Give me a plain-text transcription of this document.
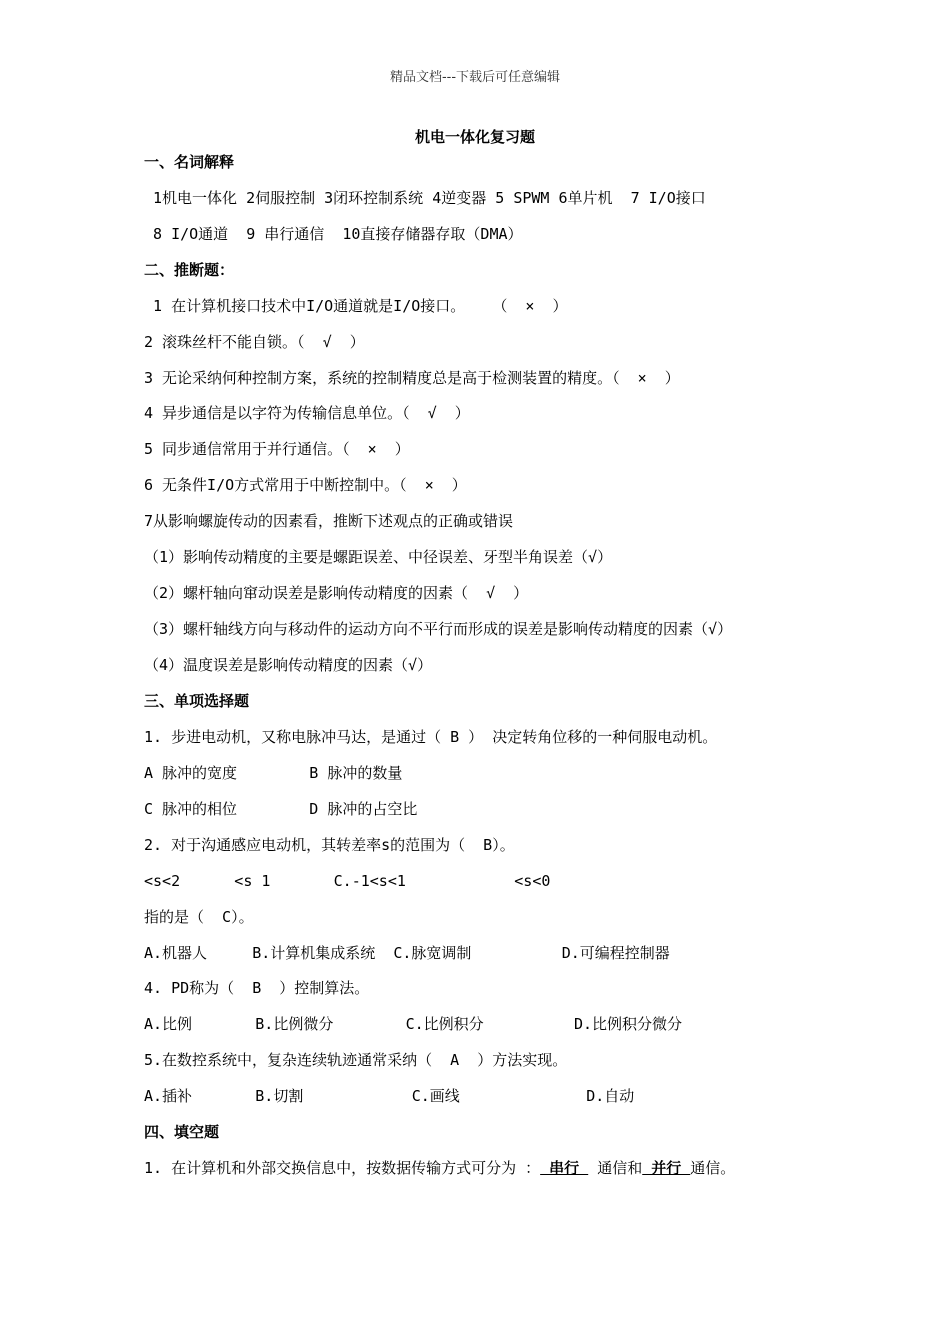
精品文档---下载后可任意编辑
机电一体化复习题
一、名词解释
1机电一体化 2伺服控制 3闭环控制系统 4逆变器 5 SPWM 6单片机  7 I/O接口
8 I/O通道  9 串行通信  10直接存储器存取（DMA）
二、推断题：
1 在计算机接口技术中I/O通道就是I/O接口。   （  ×  ）
2 滚珠丝杆不能自锁。（  √  ）
3 无论采纳何种控制方案，系统的控制精度总是高于检测装置的精度。（  ×  ）
4 异步通信是以字符为传输信息单位。（  √  ）
5 同步通信常用于并行通信。（  ×  ）
6 无条件I/O方式常用于中断控制中。（  ×  ）
7从影响螺旋传动的因素看，推断下述观点的正确或错误
（1）影响传动精度的主要是螺距误差、中径误差、牙型半角误差（√）
（2）螺杆轴向窜动误差是影响传动精度的因素（  √  ）
（3）螺杆轴线方向与移动件的运动方向不平行而形成的误差是影响传动精度的因素（√）
（4）温度误差是影响传动精度的因素（√）
三、单项选择题
1. 步进电动机，又称电脉冲马达，是通过（ B ） 决定转角位移的一种伺服电动机。
A 脉冲的宽度        B 脉冲的数量
C 脉冲的相位        D 脉冲的占空比
2. 对于沟通感应电动机，其转差率s的范围为（  B）。
<s<2      <s 1       C.-1<s<1            <s<0
指的是（  C）。
A.机器人     B.计算机集成系统  C.脉宽调制          D.可编程控制器
4. PD称为（  B  ）控制算法。
A.比例       B.比例微分        C.比例积分          D.比例积分微分
5.在数控系统中，复杂连续轨迹通常采纳（  A  ）方法实现。
A.插补       B.切割            C.画线              D.自动
四、填空题
1. 在计算机和外部交换信息中，按数据传输方式可分为 ： 串行  通信和 并行 通信。
